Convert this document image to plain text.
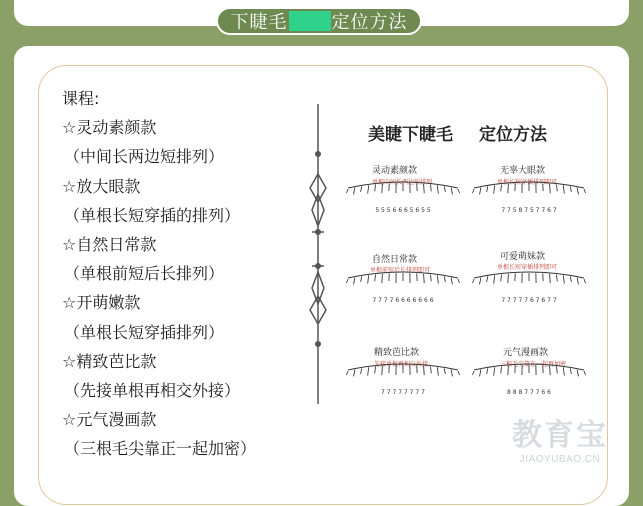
下睫毛 定位方法
课程:
☆灵动素颜款
（中间长两边短排列）
☆放大眼款
（单根长短穿插的排列）
☆自然日常款
（单根前短后长排列）
☆开萌嫩款
（单根长短穿插排列）
☆精致芭比款
（先接单根再相交外接）
☆元气漫画款
（三根毛尖靠正一起加密）
美睫下睫毛 定位方法
灵动素颜款
单根中间长两边短排列
无辜大眼款
单根长短穿插排列即可
自然日常款
单根前短后长排列即可
可爱萌妹款
单根长短穿插排列即可
精致芭比款
先接单根再相交外接
元气漫画款
三根毛尖靠在一起再加密
5 5 5 6 6 6 5 6 5 5	7 7 5 8 7 5 7 7 6 7
7 7 7 7 6 6 6 6 6 6 6	7 7 7 7 7 6 7 6 7 7
7 7 7 7 7 7 7 7	8 8 8 7 7 7 6 6
教育宝
JIAOYUBAO.CN
